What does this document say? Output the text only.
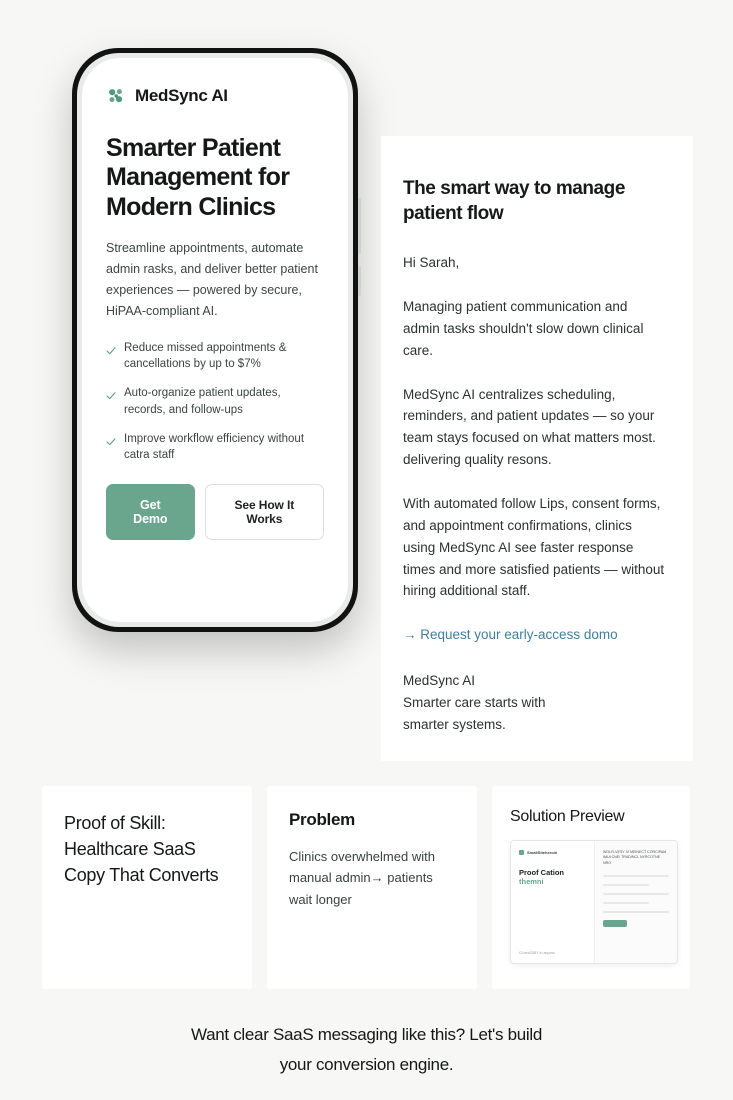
MedSync AI
Smarter Patient Management for Modern Clinics

Streamline appointments, automate admin rasks, and deliver better patient experiences — powered by secure, HiPAA-compliant AI.

Reduce missed appointments & cancellations by up to $7%
Auto-organize patient updates, records, and follow-ups
Improve workflow efficiency without catra staff
Get Demo
See How It Works
The smart way to manage patient flow

Hi Sarah,

Managing patient communication and admin tasks shouldn't slow down clinical care.

MedSync AI centralizes scheduling, reminders, and patient updates — so your team stays focused on what matters most. delivering quality resons.

With automated follow Lips, consent forms, and appointment confirmations, clinics using MedSync AI see faster response times and more satisfied patients — without hiring additional staff.

→ Request your early-access domo

MedSync AI

Smarter care starts with

smarter systems.

Proof of Skill: Healthcare SaaS Copy That Converts
Problem
Clinics overwhelmed with manual admin→ patients wait longer
Solution Preview
SmallSiteheroin
Proof Cation
themni
CLheoESBY In anposs
WOLFLVESY IV MEINECT CORCIPAM IMULCNE/ TRADINCL NYRCOTNE NRO
Want clear SaaS messaging like this? Let's build
your conversion engine.
